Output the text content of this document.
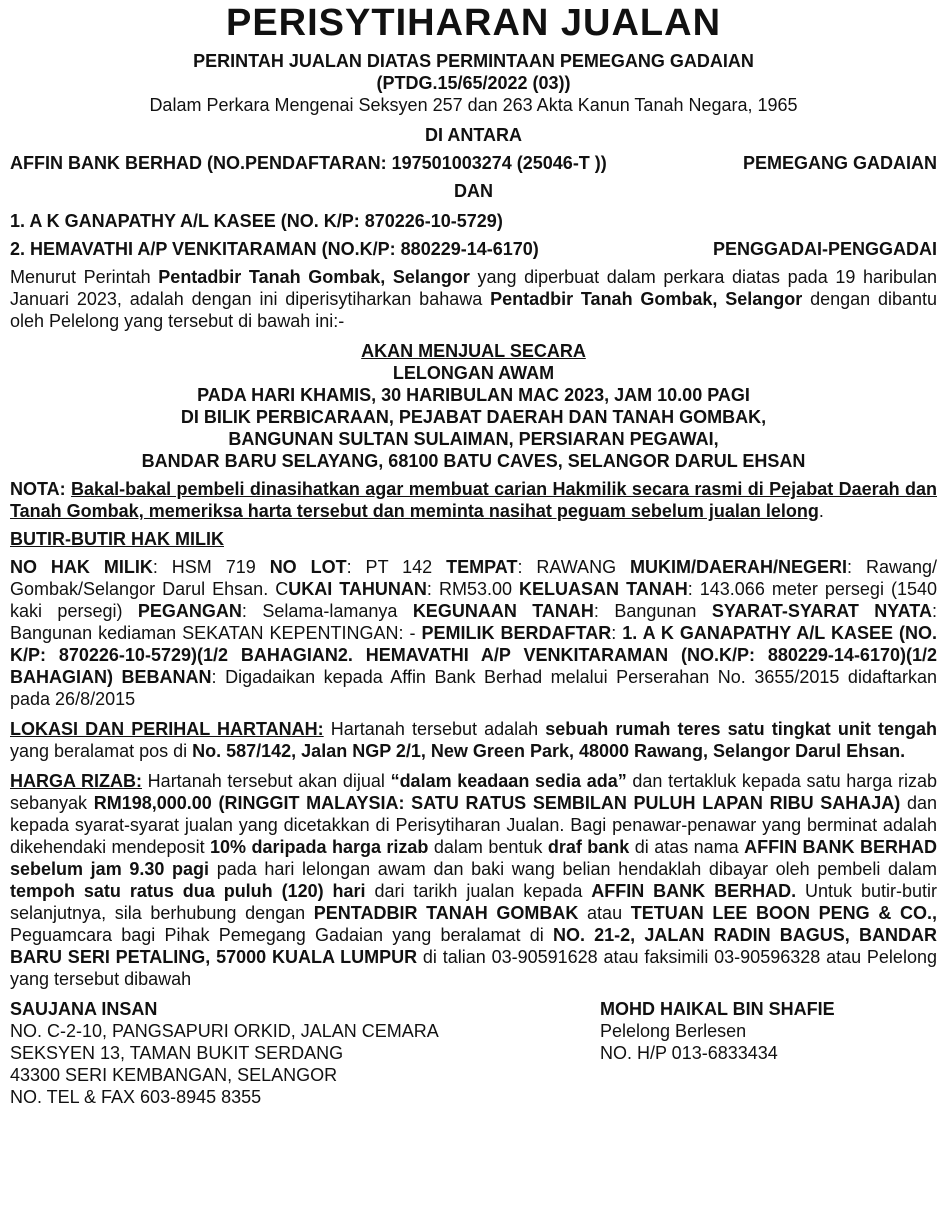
PERISYTIHARAN JUALAN
PERINTAH JUALAN DIATAS PERMINTAAN PEMEGANG GADAIAN
(PTDG.15/65/2022 (03))
Dalam Perkara Mengenai Seksyen 257 dan 263 Akta Kanun Tanah Negara, 1965
DI ANTARA
AFFIN BANK BERHAD (NO.PENDAFTARAN: 197501003274 (25046-T ))	PEMEGANG GADAIAN
DAN
1. A K GANAPATHY A/L KASEE (NO. K/P: 870226-10-5729)
2. HEMAVATHI A/P VENKITARAMAN (NO.K/P: 880229-14-6170)	PENGGADAI-PENGGADAI

Menurut Perintah Pentadbir Tanah Gombak, Selangor yang diperbuat dalam perkara diatas pada 19 haribulan Januari 2023, adalah dengan ini diperisytiharkan bahawa Pentadbir Tanah Gombak, Selangor dengan dibantu oleh Pelelong yang tersebut di bawah ini:-

AKAN MENJUAL SECARA
LELONGAN AWAM
PADA HARI KHAMIS, 30 HARIBULAN MAC 2023, JAM 10.00 PAGI
DI BILIK PERBICARAAN, PEJABAT DAERAH DAN TANAH GOMBAK,
BANGUNAN SULTAN SULAIMAN, PERSIARAN PEGAWAI,
BANDAR BARU SELAYANG, 68100 BATU CAVES, SELANGOR DARUL EHSAN

NOTA: Bakal-bakal pembeli dinasihatkan agar membuat carian Hakmilik secara rasmi di Pejabat Daerah dan Tanah Gombak, memeriksa harta tersebut dan meminta nasihat peguam sebelum jualan lelong.

BUTIR-BUTIR HAK MILIK

NO HAK MILIK: HSM 719 NO LOT: PT 142 TEMPAT: RAWANG MUKIM/DAERAH/NEGERI: Rawang/ Gombak/Selangor Darul Ehsan. CUKAI TAHUNAN: RM53.00 KELUASAN TANAH: 143.066 meter persegi (1540 kaki persegi) PEGANGAN: Selama-lamanya KEGUNAAN TANAH: Bangunan SYARAT-SYARAT NYATA: Bangunan kediaman SEKATAN KEPENTINGAN: - PEMILIK BERDAFTAR: 1. A K GANAPATHY A/L KASEE (NO. K/P: 870226-10-5729)(1/2 BAHAGIAN2. HEMAVATHI A/P VENKITARAMAN (NO.K/P: 880229-14-6170)(1/2 BAHAGIAN) BEBANAN: Digadaikan kepada Affin Bank Berhad melalui Perserahan No. 3655/2015 didaftarkan pada 26/8/2015

LOKASI DAN PERIHAL HARTANAH: Hartanah tersebut adalah sebuah rumah teres satu tingkat unit tengah yang beralamat pos di No. 587/142, Jalan NGP 2/1, New Green Park, 48000 Rawang, Selangor Darul Ehsan.

HARGA RIZAB: Hartanah tersebut akan dijual “dalam keadaan sedia ada” dan tertakluk kepada satu harga rizab sebanyak RM198,000.00 (RINGGIT MALAYSIA: SATU RATUS SEMBILAN PULUH LAPAN RIBU SAHAJA) dan kepada syarat-syarat jualan yang dicetakkan di Perisytiharan Jualan. Bagi penawar-penawar yang berminat adalah dikehendaki mendeposit 10% daripada harga rizab dalam bentuk draf bank di atas nama AFFIN BANK BERHAD sebelum jam 9.30 pagi pada hari lelongan awam dan baki wang belian hendaklah dibayar oleh pembeli dalam tempoh satu ratus dua puluh (120) hari dari tarikh jualan kepada AFFIN BANK BERHAD. Untuk butir-butir selanjutnya, sila berhubung dengan PENTADBIR TANAH GOMBAK atau TETUAN LEE BOON PENG & CO., Peguamcara bagi Pihak Pemegang Gadaian yang beralamat di NO. 21-2, JALAN RADIN BAGUS, BANDAR BARU SERI PETALING, 57000 KUALA LUMPUR di talian 03-90591628 atau faksimili 03-90596328 atau Pelelong yang tersebut dibawah

SAUJANA INSAN
NO. C-2-10, PANGSAPURI ORKID, JALAN CEMARA
SEKSYEN 13, TAMAN BUKIT SERDANG
43300 SERI KEMBANGAN, SELANGOR
NO. TEL & FAX 603-8945 8355
MOHD HAIKAL BIN SHAFIE
Pelelong Berlesen
NO. H/P 013-6833434
